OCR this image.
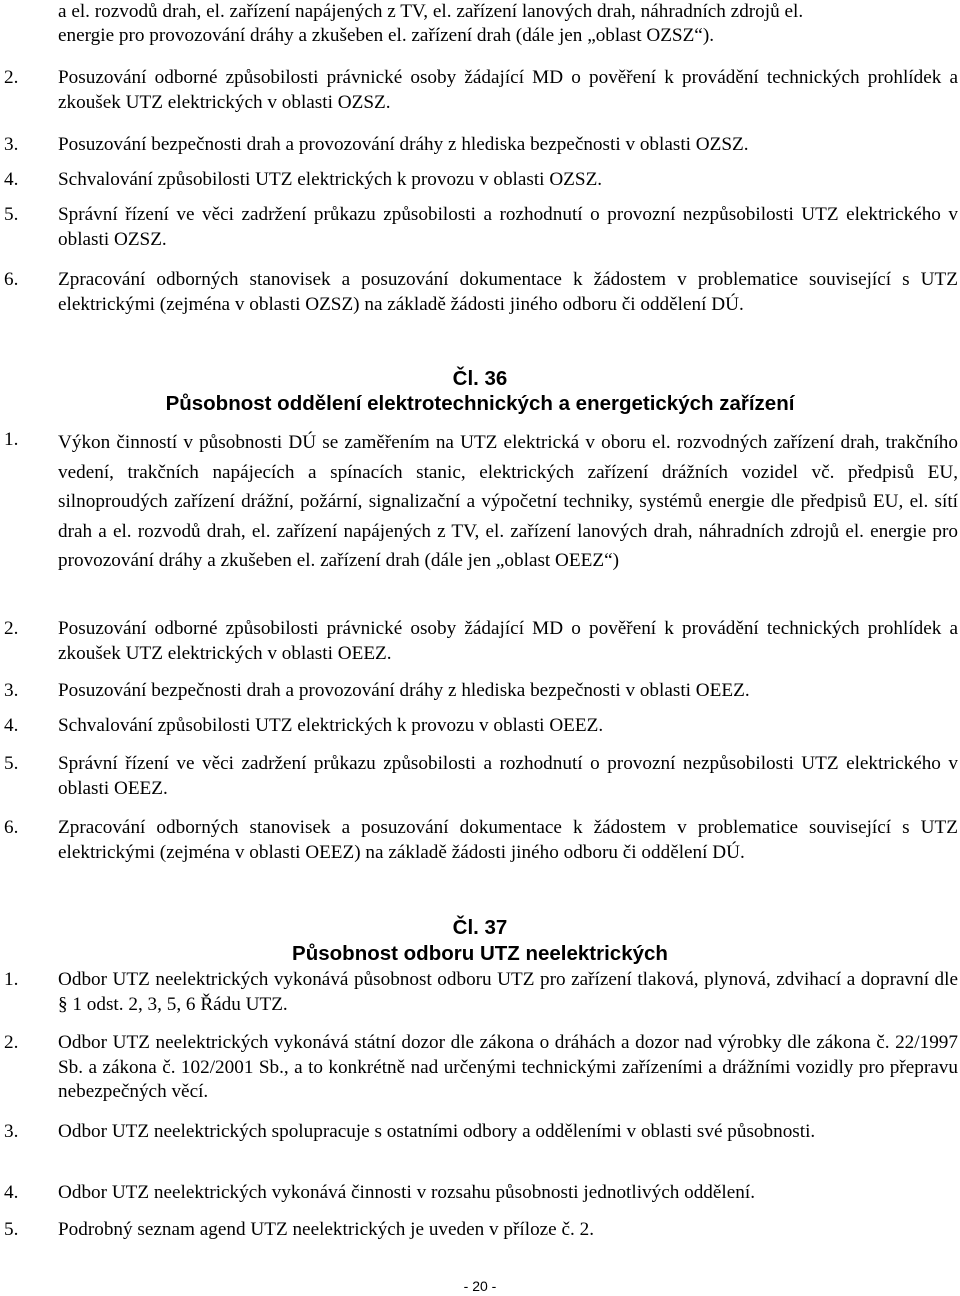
a el. rozvodů drah, el. zařízení napájených z TV, el. zařízení lanových drah, náhradních zdrojů el.
energie pro provozování dráhy a zkušeben el. zařízení drah (dále jen „oblast OZSZ“).
2. Posuzování odborné způsobilosti právnické osoby žádající MD o pověření k provádění technických prohlídek a zkoušek UTZ elektrických v oblasti OZSZ.
3. Posuzování bezpečnosti drah a provozování dráhy z hlediska bezpečnosti v oblasti OZSZ.
4. Schvalování způsobilosti UTZ elektrických k provozu v oblasti OZSZ.
5. Správní řízení ve věci zadržení průkazu způsobilosti a rozhodnutí o provozní nezpůsobilosti UTZ elektrického v oblasti OZSZ.
6. Zpracování odborných stanovisek a posuzování dokumentace k žádostem v problematice související s UTZ elektrickými (zejména v oblasti OZSZ) na základě žádosti jiného odboru či oddělení DÚ.
Čl. 36
Působnost oddělení elektrotechnických a energetických zařízení
1. Výkon činností v působnosti DÚ se zaměřením na UTZ elektrická v oboru el. rozvodných zařízení drah, trakčního vedení, trakčních napájecích a spínacích stanic, elektrických zařízení drážních vozidel vč. předpisů EU, silnoproudých zařízení drážní, požární, signalizační a výpočetní techniky, systémů energie dle předpisů EU, el. sítí drah a el. rozvodů drah, el. zařízení napájených z TV, el. zařízení lanových drah, náhradních zdrojů el. energie pro provozování dráhy a zkušeben el. zařízení drah (dále jen „oblast OEEZ“)
2. Posuzování odborné způsobilosti právnické osoby žádající MD o pověření k provádění technických prohlídek a zkoušek UTZ elektrických v oblasti OEEZ.
3. Posuzování bezpečnosti drah a provozování dráhy z hlediska bezpečnosti v oblasti OEEZ.
4. Schvalování způsobilosti UTZ elektrických k provozu v oblasti OEEZ.
5. Správní řízení ve věci zadržení průkazu způsobilosti a rozhodnutí o provozní nezpůsobilosti UTZ elektrického v oblasti OEEZ.
6. Zpracování odborných stanovisek a posuzování dokumentace k žádostem v problematice související s UTZ elektrickými (zejména v oblasti OEEZ) na základě žádosti jiného odboru či oddělení DÚ.
Čl. 37
Působnost odboru UTZ neelektrických
1. Odbor UTZ neelektrických vykonává působnost odboru UTZ pro zařízení tlaková, plynová, zdvihací a dopravní dle § 1 odst. 2, 3, 5, 6 Řádu UTZ.
2. Odbor UTZ neelektrických vykonává státní dozor dle zákona o dráhách a dozor nad výrobky dle zákona č. 22/1997 Sb. a zákona č. 102/2001 Sb., a to konkrétně nad určenými technickými zařízeními a drážními vozidly pro přepravu nebezpečných věcí.
3. Odbor UTZ neelektrických spolupracuje s ostatními odbory a odděleními v oblasti své působnosti.
4. Odbor UTZ neelektrických vykonává činnosti v rozsahu působnosti jednotlivých oddělení.
5. Podrobný seznam agend UTZ neelektrických je uveden v příloze č. 2.
- 20 -
